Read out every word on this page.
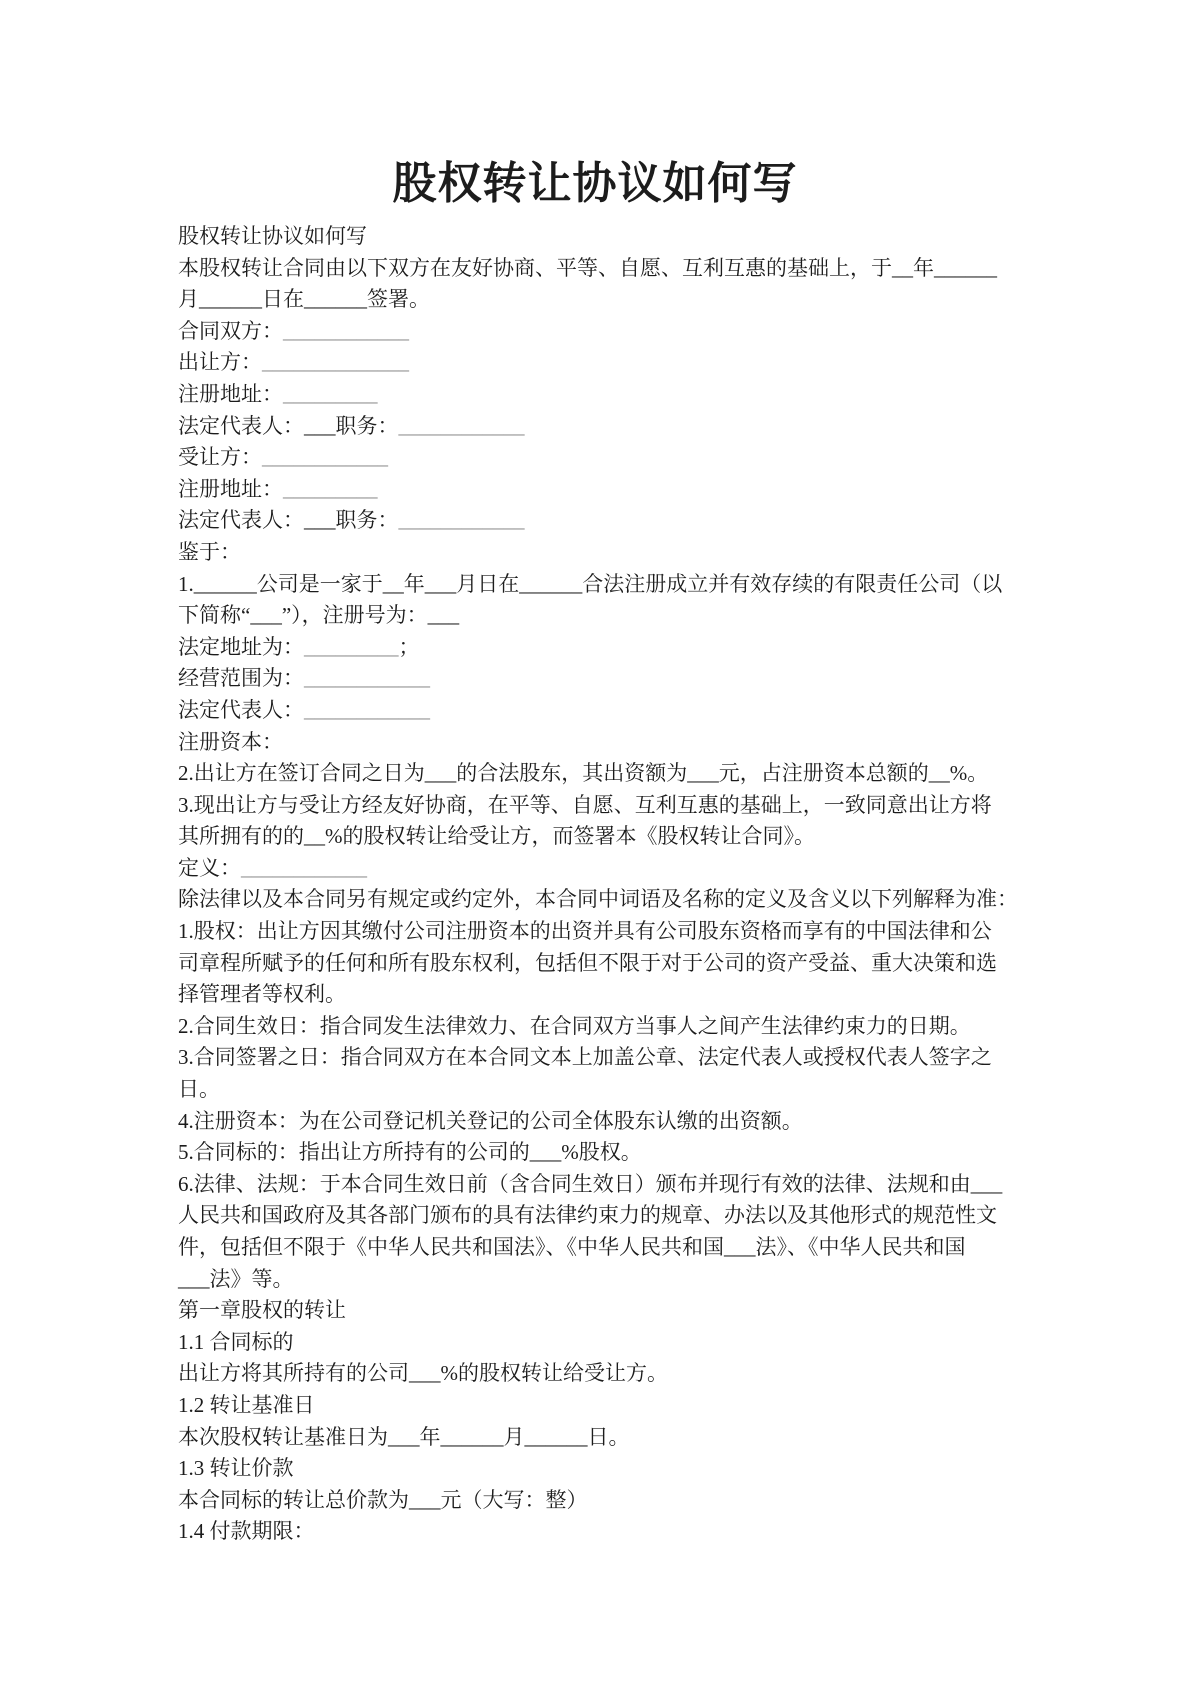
股权转让协议如何写

股权转让协议如何写

本股权转让合同由以下双方在友好协商、平等、自愿、互利互惠的基础上，于__年______

月______日在______签署。

合同双方：____________

出让方：______________

注册地址：_________

法定代表人：___职务：____________

受让方：____________

注册地址：_________

法定代表人：___职务：____________

鉴于：

1.______公司是一家于__年___月日在______合法注册成立并有效存续的有限责任公司（以

下简称“___”），注册号为：___

法定地址为：_________；

经营范围为：____________

法定代表人：____________

注册资本：

2.出让方在签订合同之日为___的合法股东，其出资额为___元，占注册资本总额的__%。

3.现出让方与受让方经友好协商，在平等、自愿、互利互惠的基础上，一致同意出让方将

其所拥有的的__%的股权转让给受让方，而签署本《股权转让合同》。

定义：____________

除法律以及本合同另有规定或约定外，本合同中词语及名称的定义及含义以下列解释为准：

1.股权：出让方因其缴付公司注册资本的出资并具有公司股东资格而享有的中国法律和公

司章程所赋予的任何和所有股东权利，包括但不限于对于公司的资产受益、重大决策和选

择管理者等权利。

2.合同生效日：指合同发生法律效力、在合同双方当事人之间产生法律约束力的日期。

3.合同签署之日：指合同双方在本合同文本上加盖公章、法定代表人或授权代表人签字之

日。

4.注册资本：为在公司登记机关登记的公司全体股东认缴的出资额。

5.合同标的：指出让方所持有的公司的___%股权。

6.法律、法规：于本合同生效日前（含合同生效日）颁布并现行有效的法律、法规和由___

人民共和国政府及其各部门颁布的具有法律约束力的规章、办法以及其他形式的规范性文

件，包括但不限于《中华人民共和国法》、《中华人民共和国___法》、《中华人民共和国

___法》等。

第一章股权的转让

1.1 合同标的

出让方将其所持有的公司___%的股权转让给受让方。

1.2 转让基准日

本次股权转让基准日为___年______月______日。

1.3 转让价款

本合同标的转让总价款为___元（大写：整）

1.4 付款期限：
